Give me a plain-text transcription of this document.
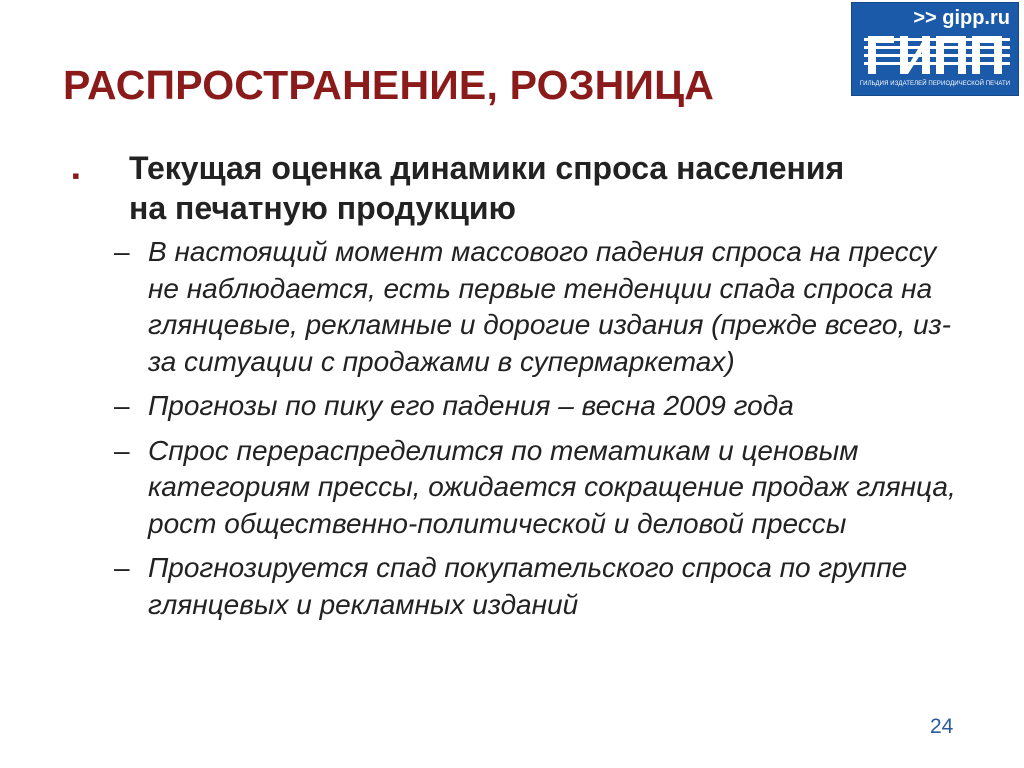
РАСПРОСТРАНЕНИЕ, РОЗНИЦА
>> gipp.ru
ГИЛЬДИЯ ИЗДАТЕЛЕЙ ПЕРИОДИЧЕСКОЙ ПЕЧАТИ
▪ Текущая оценка динамики спроса населения на печатную продукцию
– В настоящий момент массового падения спроса на прессу не наблюдается, есть первые тенденции спада спроса на глянцевые, рекламные и дорогие издания (прежде всего, из-за ситуации с продажами в супермаркетах)
– Прогнозы по пику его падения – весна 2009 года
– Спрос перераспределится по тематикам и ценовым категориям прессы, ожидается сокращение продаж глянца, рост общественно-политической и деловой прессы
– Прогнозируется спад покупательского спроса по группе глянцевых и рекламных изданий
24
